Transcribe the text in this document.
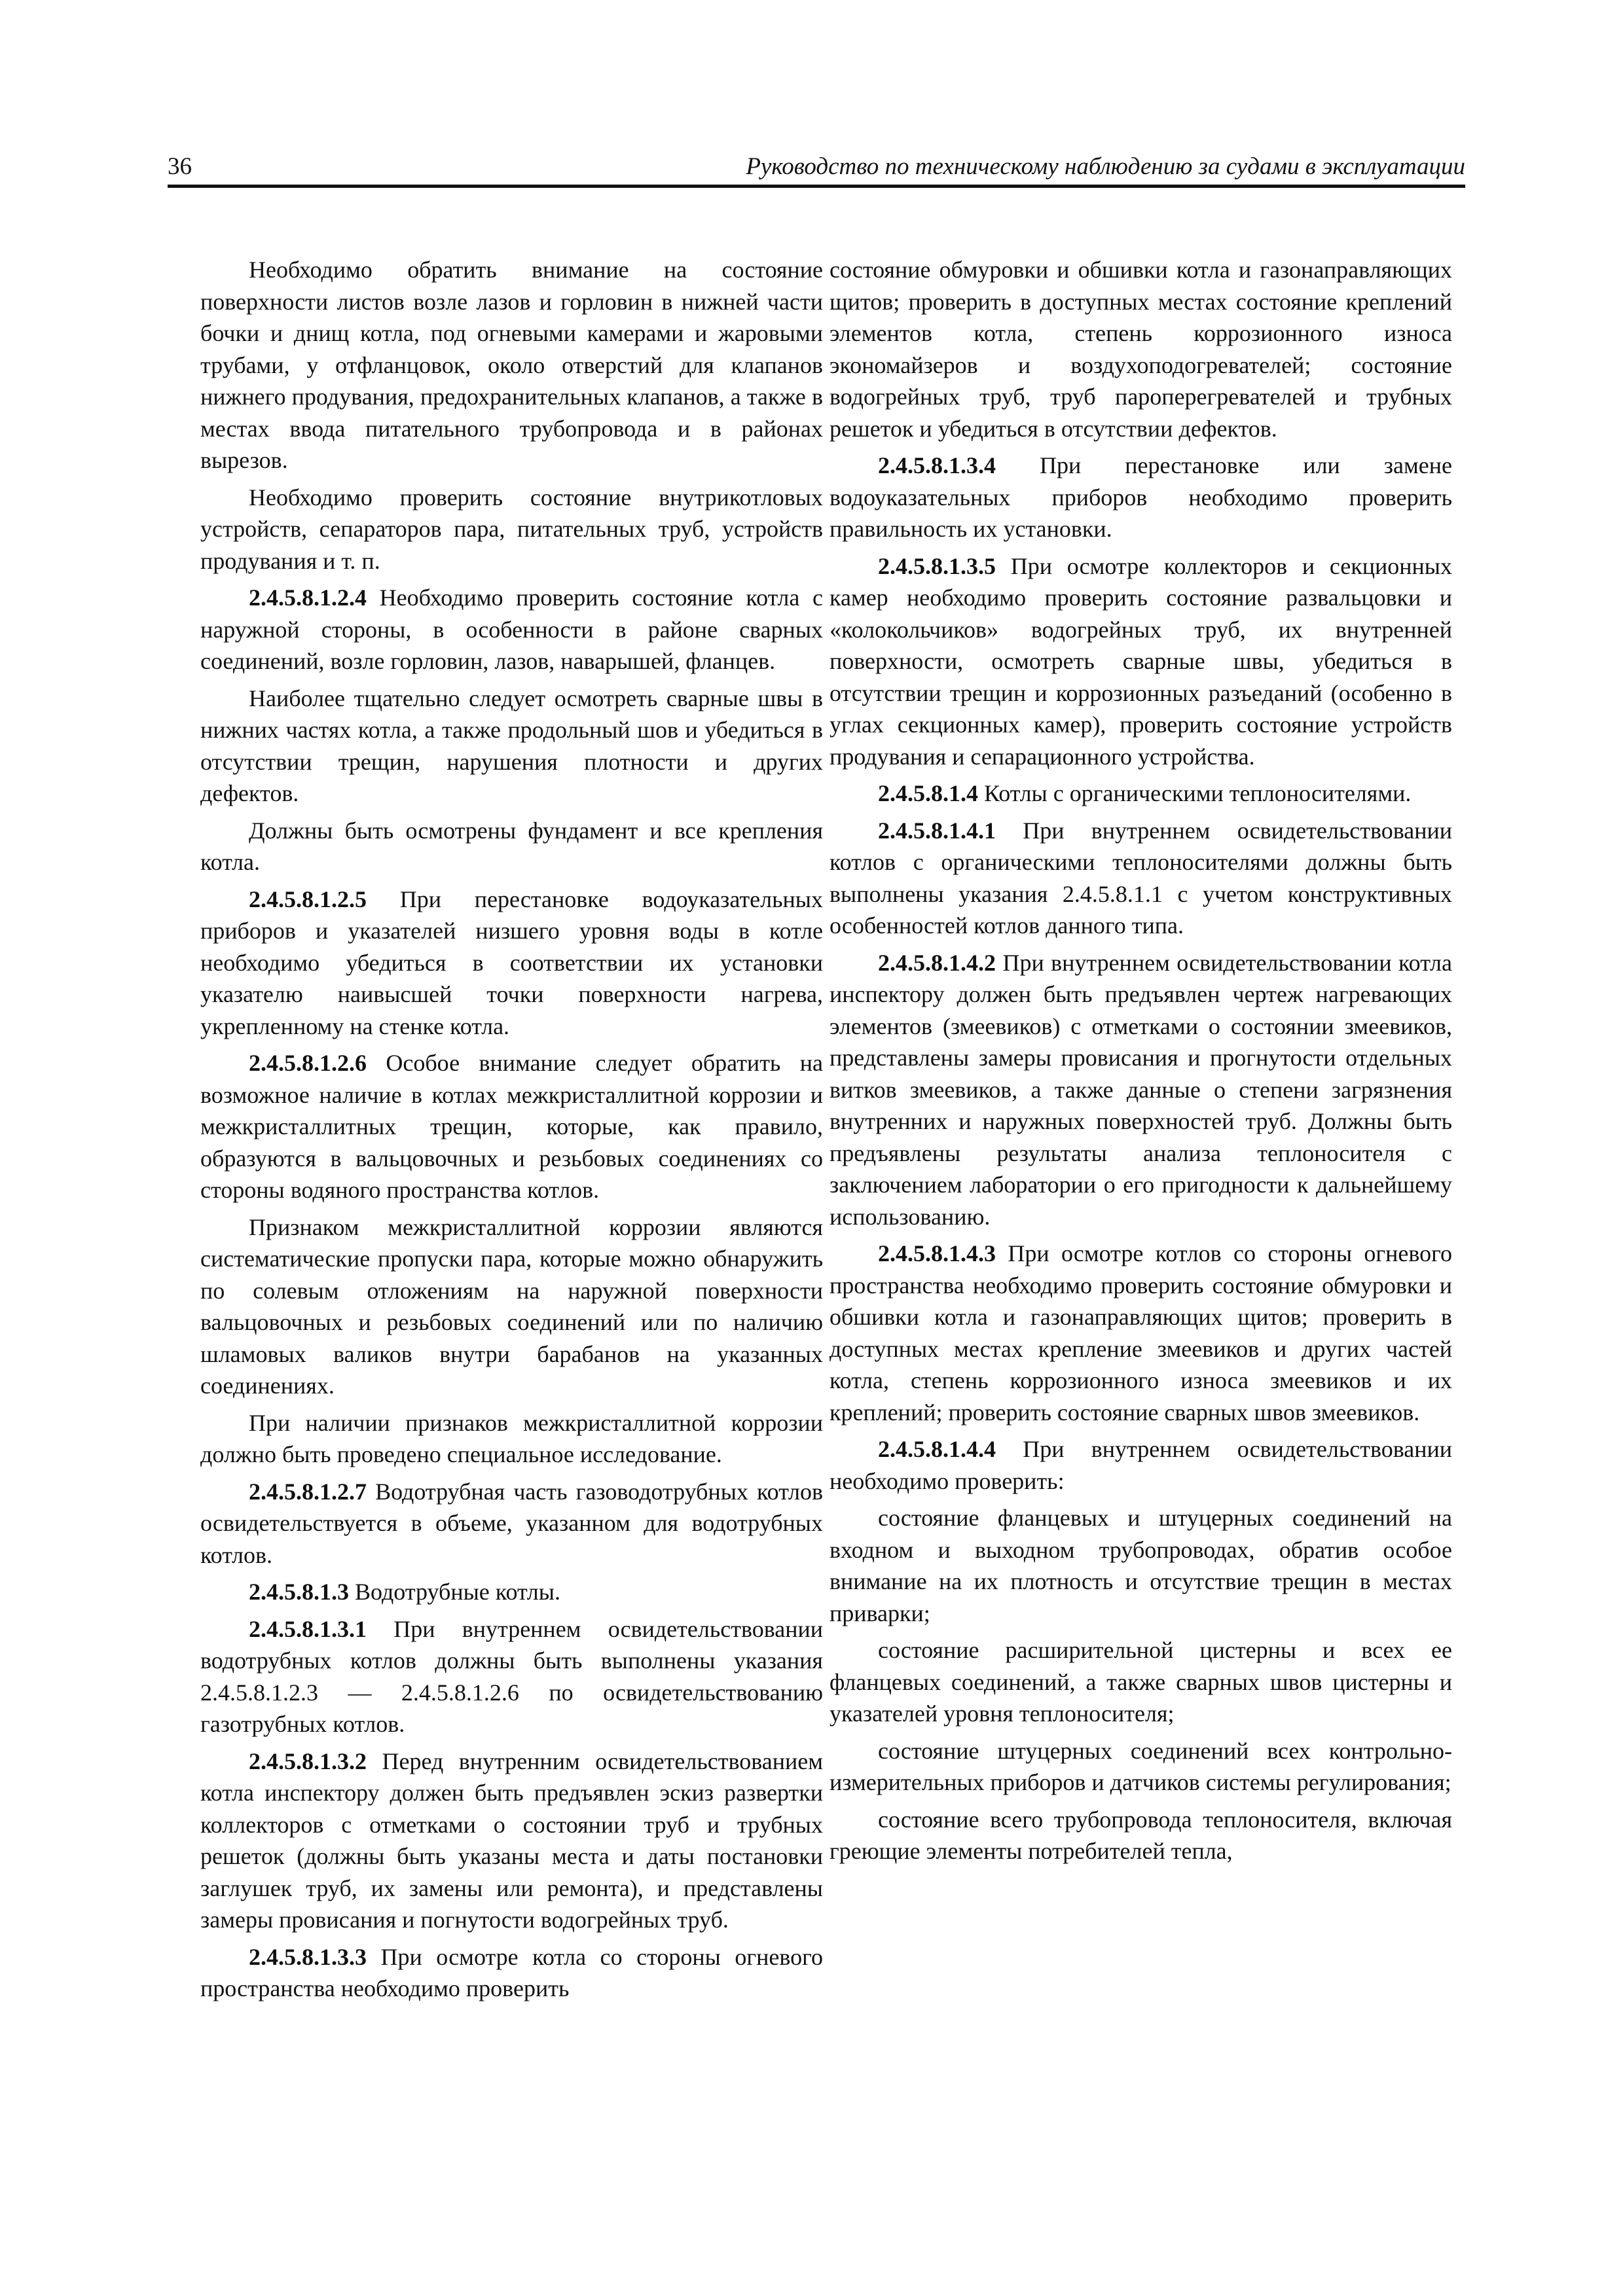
36	Руководство по техническому наблюдению за судами в эксплуатации

Необходимо обратить внимание на состояние поверхности листов возле лазов и горловин в нижней части бочки и днищ котла, под огневыми камерами и жаровыми трубами, у отфланцовок, около отверстий для клапанов нижнего продувания, предохранительных клапанов, а также в местах ввода питательного трубопровода и в районах вырезов.

Необходимо проверить состояние внутрикотловых устройств, сепараторов пара, питательных труб, устройств продувания и т. п.

2.4.5.8.1.2.4 Необходимо проверить состояние котла с наружной стороны, в особенности в районе сварных соединений, возле горловин, лазов, наварышей, фланцев.

Наиболее тщательно следует осмотреть сварные швы в нижних частях котла, а также продольный шов и убедиться в отсутствии трещин, нарушения плотности и других дефектов.

Должны быть осмотрены фундамент и все крепления котла.

2.4.5.8.1.2.5 При перестановке водоуказательных приборов и указателей низшего уровня воды в котле необходимо убедиться в соответствии их установки указателю наивысшей точки поверхности нагрева, укрепленному на стенке котла.

2.4.5.8.1.2.6 Особое внимание следует обратить на возможное наличие в котлах межкристаллитной коррозии и межкристаллитных трещин, которые, как правило, образуются в вальцовочных и резьбовых соединениях со стороны водяного пространства котлов.

Признаком межкристаллитной коррозии являются систематические пропуски пара, которые можно обнаружить по солевым отложениям на наружной поверхности вальцовочных и резьбовых соединений или по наличию шламовых валиков внутри барабанов на указанных соединениях.

При наличии признаков межкристаллитной коррозии должно быть проведено специальное исследование.

2.4.5.8.1.2.7 Водотрубная часть газоводотрубных котлов освидетельствуется в объеме, указанном для водотрубных котлов.

2.4.5.8.1.3 Водотрубные котлы.

2.4.5.8.1.3.1 При внутреннем освидетельствовании водотрубных котлов должны быть выполнены указания 2.4.5.8.1.2.3 — 2.4.5.8.1.2.6 по освидетельствованию газотрубных котлов.

2.4.5.8.1.3.2 Перед внутренним освидетельствованием котла инспектору должен быть предъявлен эскиз развертки коллекторов с отметками о состоянии труб и трубных решеток (должны быть указаны места и даты постановки заглушек труб, их замены или ремонта), и представлены замеры провисания и погнутости водогрейных труб.

2.4.5.8.1.3.3 При осмотре котла со стороны огневого пространства необходимо проверить

состояние обмуровки и обшивки котла и газонаправляющих щитов; проверить в доступных местах состояние креплений элементов котла, степень коррозионного износа экономайзеров и воздухоподогревателей; состояние водогрейных труб, труб пароперегревателей и трубных решеток и убедиться в отсутствии дефектов.

2.4.5.8.1.3.4 При перестановке или замене водоуказательных приборов необходимо проверить правильность их установки.

2.4.5.8.1.3.5 При осмотре коллекторов и секционных камер необходимо проверить состояние развальцовки и «колокольчиков» водогрейных труб, их внутренней поверхности, осмотреть сварные швы, убедиться в отсутствии трещин и коррозионных разъеданий (особенно в углах секционных камер), проверить состояние устройств продувания и сепарационного устройства.

2.4.5.8.1.4 Котлы с органическими теплоносителями.

2.4.5.8.1.4.1 При внутреннем освидетельствовании котлов с органическими теплоносителями должны быть выполнены указания 2.4.5.8.1.1 с учетом конструктивных особенностей котлов данного типа.

2.4.5.8.1.4.2 При внутреннем освидетельствовании котла инспектору должен быть предъявлен чертеж нагревающих элементов (змеевиков) с отметками о состоянии змеевиков, представлены замеры провисания и прогнутости отдельных витков змеевиков, а также данные о степени загрязнения внутренних и наружных поверхностей труб. Должны быть предъявлены результаты анализа теплоносителя с заключением лаборатории о его пригодности к дальнейшему использованию.

2.4.5.8.1.4.3 При осмотре котлов со стороны огневого пространства необходимо проверить состояние обмуровки и обшивки котла и газонаправляющих щитов; проверить в доступных местах крепление змеевиков и других частей котла, степень коррозионного износа змеевиков и их креплений; проверить состояние сварных швов змеевиков.

2.4.5.8.1.4.4 При внутреннем освидетельствовании необходимо проверить:

состояние фланцевых и штуцерных соединений на входном и выходном трубопроводах, обратив особое внимание на их плотность и отсутствие трещин в местах приварки;

состояние расширительной цистерны и всех ее фланцевых соединений, а также сварных швов цистерны и указателей уровня теплоносителя;

состояние штуцерных соединений всех контрольно-измерительных приборов и датчиков системы регулирования;

состояние всего трубопровода теплоносителя, включая греющие элементы потребителей тепла,
